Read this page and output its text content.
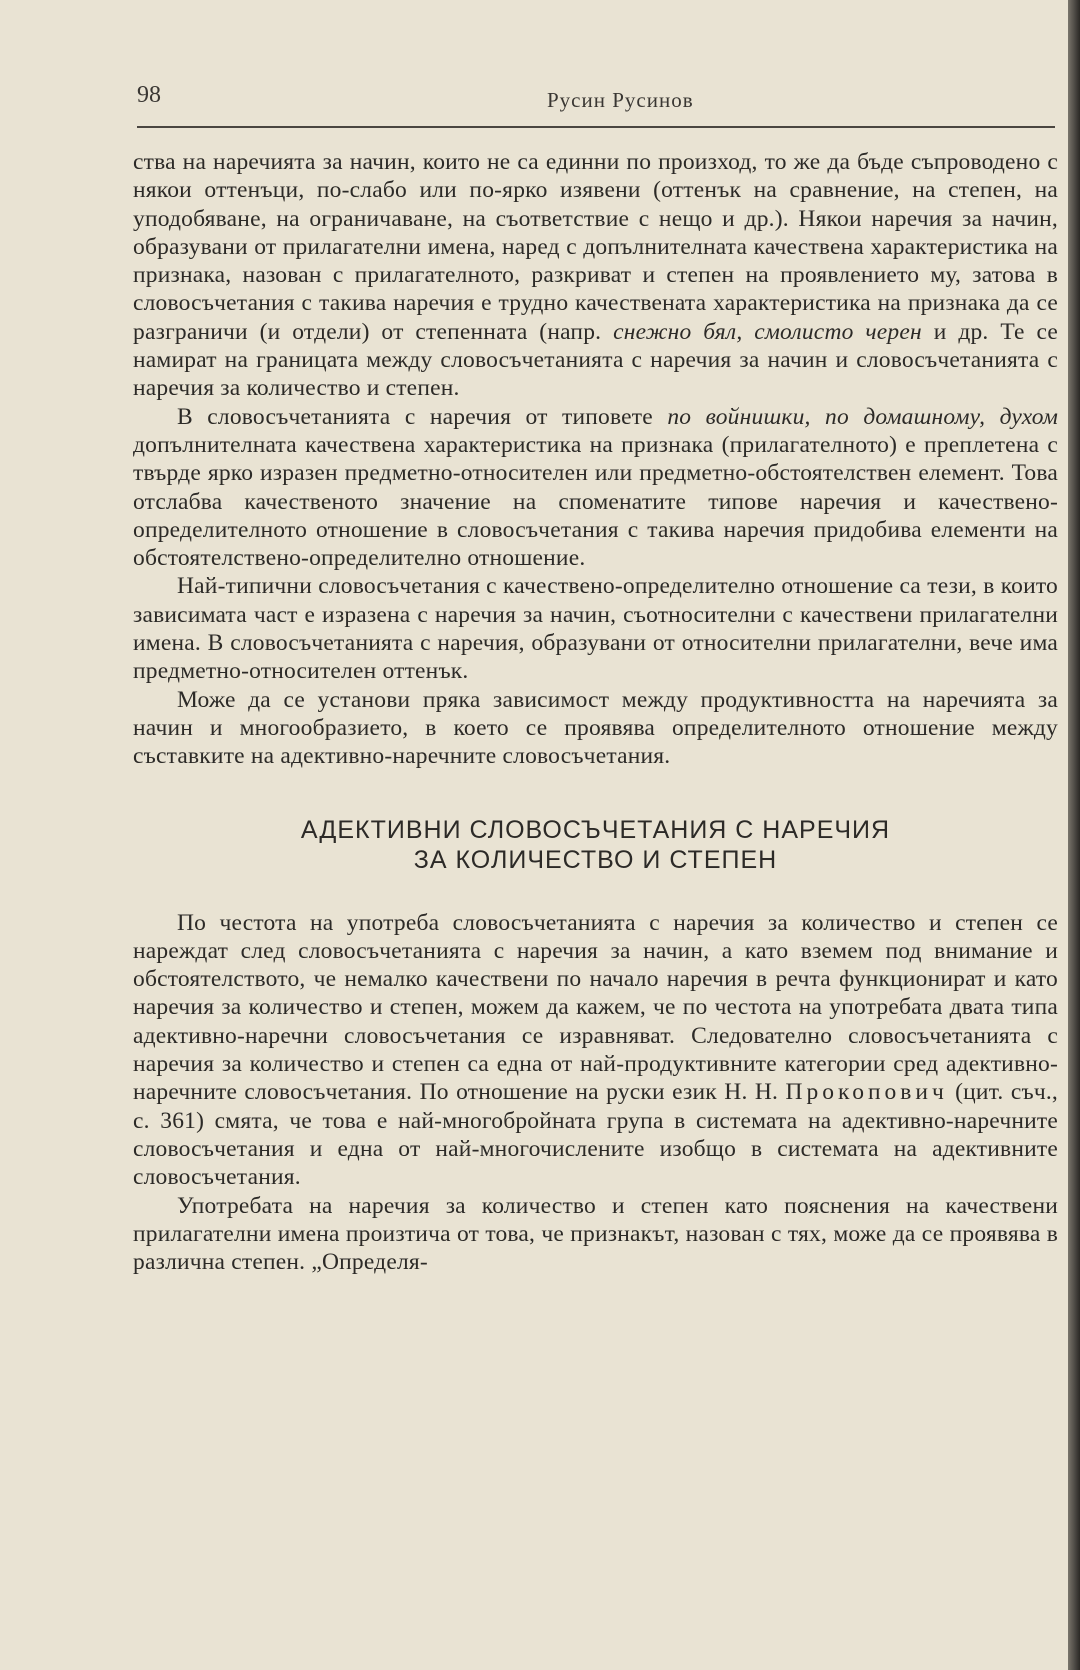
98	Русин Русинов

ства на наречията за начин, които не са единни по произход, то же да бъде съпроводено с някои оттенъци, по-слабо или по-ярко изявени (оттенък на сравнение, на степен, на уподобяване, на ограничаване, на съответствие с нещо и др.). Някои наречия за начин, образувани от прилагателни имена, наред с допълнителната качествена характеристика на признака, назован с прилагателното, разкриват и степен на проявлението му, затова в словосъчетания с такива наречия е трудно качествената характеристика на признака да се разграничи (и отдели) от степенната (напр. снежно бял, смолисто черен и др. Те се намират на границата между словосъчетанията с наречия за начин и словосъчетанията с наречия за количество и степен.

В словосъчетанията с наречия от типовете по войнишки, по домашному, духом допълнителната качествена характеристика на признака (прилагателното) е преплетена с твърде ярко изразен предметно-относителен или предметно-обстоятелствен елемент. Това отслабва качественото значение на споменатите типове наречия и качествено-определителното отношение в словосъчетания с такива наречия придобива елементи на обстоятелствено-определително отношение.

Най-типични словосъчетания с качествено-определително отношение са тези, в които зависимата част е изразена с наречия за начин, съотносителни с качествени прилагателни имена. В словосъчетанията с наречия, образувани от относителни прилагателни, вече има предметно-относителен оттенък.

Може да се установи пряка зависимост между продуктивността на наречията за начин и многообразието, в което се проявява определителното отношение между съставките на адективно-наречните словосъчетания.

АДЕКТИВНИ СЛОВОСЪЧЕТАНИЯ С НАРЕЧИЯ
ЗА КОЛИЧЕСТВО И СТЕПЕН

По честота на употреба словосъчетанията с наречия за количество и степен се нареждат след словосъчетанията с наречия за начин, а като вземем под внимание и обстоятелството, че немалко качествени по начало наречия в речта функционират и като наречия за количество и степен, можем да кажем, че по честота на употребата двата типа адективно-наречни словосъчетания се изравняват. Следователно словосъчетанията с наречия за количество и степен са една от най-продуктивните категории сред адективно-наречните словосъчетания. По отношение на руски език Н. Н. Прокопович (цит. съч., с. 361) смята, че това е най-многобройната група в системата на адективно-наречните словосъчетания и една от най-многочислените изобщо в системата на адективните словосъчетания.

Употребата на наречия за количество и степен като пояснения на качествени прилагателни имена произтича от това, че признакът, назован с тях, може да се проявява в различна степен. „Определя-
